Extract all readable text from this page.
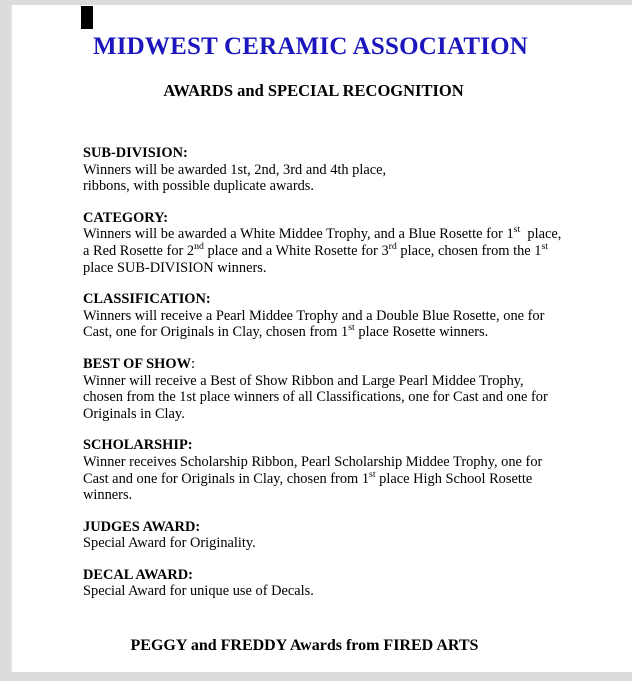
MIDWEST CERAMIC ASSOCIATION
AWARDS and SPECIAL RECOGNITION
SUB-DIVISION:
Winners will be awarded 1st, 2nd, 3rd and 4th place,
ribbons, with possible duplicate awards.
CATEGORY:
Winners will be awarded a White Middee Trophy, and a Blue Rosette for 1st  place,
a Red Rosette for 2nd place and a White Rosette for 3rd place, chosen from the 1st
place SUB-DIVISION winners.
CLASSIFICATION:
Winners will receive a Pearl Middee Trophy and a Double Blue Rosette, one for
Cast, one for Originals in Clay, chosen from 1st place Rosette winners.
BEST OF SHOW:
Winner will receive a Best of Show Ribbon and Large Pearl Middee Trophy,
chosen from the 1st place winners of all Classifications, one for Cast and one for
Originals in Clay.
SCHOLARSHIP:
Winner receives Scholarship Ribbon, Pearl Scholarship Middee Trophy, one for
Cast and one for Originals in Clay, chosen from 1st place High School Rosette
winners.
JUDGES AWARD:
Special Award for Originality.
DECAL AWARD:
Special Award for unique use of Decals.
PEGGY and FREDDY Awards from FIRED ARTS
